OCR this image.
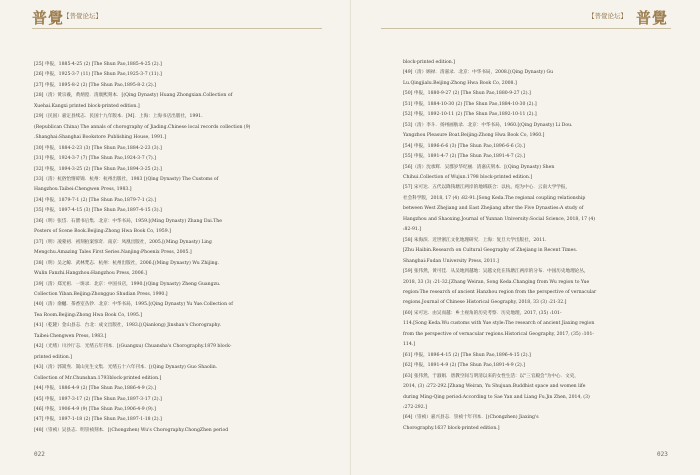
普覺
【普覺论坛】
[25] 申报，1885-4-25 (2) [The Shun Pao,1885-4-25 (2).]
[26] 申报，1925-3-7 (11) [The Shun Pao,1925-3-7 (11).]
[27] 申报，1895-8-2 (2) [The Shun Pao,1895-8-2 (2).]
[28]（清）黄宗羲，黄炳垕．清康熙刻本．[(Qing Dynasty) Huang Zhongxian.Collection of
Xuehai.Kangxi printed block-printed edition.]
[29]（民国）嘉定县续志．民国十九年版本．[M]．上海：上海书店出版社，1991.
(Republican China) The annals of chorography of Jiading.Chinese local records collection (9)
.Shanghai:Shanghai Bookstore Publishing House, 1991.]
[30] 申报，1884-2-23 (3) [The Shun Pao,1884-2-23 (3).]
[31] 申报，1924-3-7 (7) [The Shun Pao,1924-3-7 (7).]
[32] 申报，1894-3-25 (2) [The Shun Pao,1894-3-25 (2).]
[33]（清）杭俗怡情碎锦．杭州：杭州出版社，1983 [(Qing Dynasty) The Customs of
Hangzhou.Taibei:Chengwen Press, 1983.]
[34] 申报，1879-7-1 (2) [The Shun Pao,1879-7-1 (2).]
[35] 申报，1897-4-15 (3) [The Shun Pao,1897-4-15 (3).]
[36]（明）张岱．石匮书后集．北京：中华书局，1959.[(Ming Dynasty) Zhang Dai.The
Posters of Scene Book.Beijing:Zhong Hwa Book Co, 1959.]
[37]（明）凌蒙初．初刻拍案惊奇．南京：凤凰出版社，2005.[(Ming Dynasty) Ling
Mengchu.Amazing Tales First Series.Nanjing:Phoenix Press, 2005.]
[38]（明）吴之鲸．武林梵志．杭州：杭州出版社，2006.[(Ming Dynasty) Wu Zhijing.
Wulin Fanzhi.Hangzhou:Hangzhou Press, 2006.]
[39]（清）郑光祖．一斑录．北京：中国书店，1990.[(Qing Dynasty) Zheng Guangzu.
Collection Yiban.Beijing:Zhongguo Shudian Press, 1990.]
[40]（清）俞樾．茶香室丛钞．北京：中华书局，1995.[(Qing Dynasty) Yu Yue.Collection of
Tea Room.Beijing:Zhong Hwa Book Co, 1995.]
[41]（乾隆）金山县志．台北：成文出版社，1983.[(Qianlong) Jinshan's Chorography.
Taibei:Chengwen Press, 1983.]
[42]（光绪）川沙厅志．光绪五年刊本．[(Guangxu) Chuansha's Chorography.1879 block-
printed edition.]
[43]（清）郭嵩焘．嵩山先生文集．光绪五十六年刊本．[(Qing Dynasty) Guo Shaolin.
Collection of Mr.Chunshan.1793block-printed edition.]
[44] 申报，1886-4-9 (2) [The Shun Pao,1886-4-9 (2).]
[45] 申报，1897-3-17 (2) [The Shun Pao,1897-3-17 (2).]
[46] 申报，1906-4-9 (9) [The Shun Pao,1906-4-9 (9).]
[47] 申报，1897-1-18 (2) [The Shun Pao,1897-1-18 (2).]
[48]（崇祯）吴县志．明崇祯刻本．[(Chongzhen) Wu's Chorography.ChongZhen period
022
【普覺论坛】 普覺
block-printed edition.]
[49]（清）顾禄．清嘉录．北京：中华书局，2008.[(Qing Dynasty) Gu
Lu.Qingjialu.Beijing:Zhong Hwa Book Co, 2008.]
[50] 申报，1880-9-27 (2) [The Shun Pao,1880-9-27 (2).]
[51] 申报，1884-10-30 (2) [The Shun Pao,1884-10-30 (2).]
[52] 申报，1892-10-11 (2) [The Shun Pao,1892-10-11 (2).]
[53]（清）李斗．扬州画舫录．北京：中华书局，1960.[(Qing Dynasty) Li Dou.
Yangzhou Pleasure Boat.Beijing:Zhong Hwa Book Co, 1960.]
[54] 申报，1896-6-6 (3) [The Shun Pao,1896-6-6 (3).]
[55] 申报，1891-4-7 (2) [The Shun Pao,1891-4-7 (2).]
[56]（清）沈承辉．吴郡岁华纪丽．清嘉庆刻本．[(Qing Dynasty) Shen
Chihui.Collection of Wujun.1798 block-printed edition.]
[57] 宋可达．五代以降钱塘江两岸的地域联合：以杭、绍为中心．云南大学学报，
社会科学版，2018, 17 (4) :82-91.[Song Keda.The regional coupling relationship
between West Zhejiang and East Zhejiang after the Five Dynasties:A study of
Hangzhou and Shaoxing.Journal of Yunnan University:Social Science, 2018, 17 (4)
:82-91.]
[58] 朱海滨．近世浙江文化地理研究．上海：复旦大学出版社，2011.
[Zhu Haibin.Research on Cultural Geography of Zhejiang in Recent Times.
Shanghai:Fudan University Press, 2011.]
[59] 张伟然，黄可佳．从吴地到越地：吴越文化在钱塘江两岸的分布．中国历史地理论丛，
2018, 33 (3) :21-32.[Zhang Weiran, Song Keda.Changing from Wu region to Yue
region:The research of ancient Hanzhou region from the perspective of vernacular
regions.Journal of Chinese Historical Geography, 2018, 33 (3) :21-32.]
[60] 宋可达．由吴而越：乡土视角的历史考察．历史地理，2017, (35) :101-
114.[Song Keda.Wu customs with Yue style:The research of ancient Jiaxing region
from the perspective of vernacular regions.Historical Geography, 2017, (35) :101-
114.]
[61] 申报，1896-4-15 (2) [The Shun Pao,1896-4-15 (2).]
[62] 申报，1891-4-9 (2) [The Shun Pao,1891-4-9 (2).]
[63] 张伟然，于淑娟．唐教空间与明清以来的女性生活：以"三官殿会"为中心．文史，
2014, (3) :272-292.[Zhang Weiran, Yu Shujuan.Buddhist space and women life
during Ming-Qing period:According to Sae Yan and Liang Fu.Jin Zhen, 2014, (3)
:272-292.]
[64]（崇祯）嘉兴县志．崇祯十年刊本．[(Chongzhen) Jiaxing's
Chorography.1637 block-printed edition.]
023
